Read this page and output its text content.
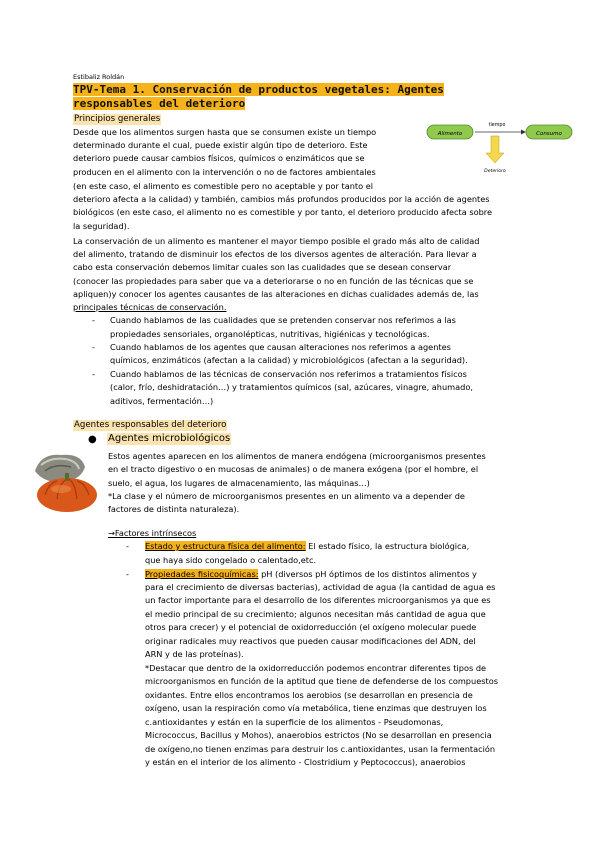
Estibaliz Roldán
TPV-Tema 1. Conservación de productos vegetales: Agentes responsables del deterioro
Alimento
tiempo
Consumo
Deterioro
Principios generales
Desde que los alimentos surgen hasta que se consumen existe un tiempo
determinado durante el cual, puede existir algún tipo de deterioro. Este
deterioro puede causar cambios físicos, químicos o enzimáticos que se
producen en el alimento con la intervención o no de factores ambientales
(en este caso, el alimento es comestible pero no aceptable y por tanto el
deterioro afecta a la calidad) y también, cambios más profundos producidos por la acción de agentes
biológicos (en este caso, el alimento no es comestible y por tanto, el deterioro producido afecta sobre
la seguridad).
La conservación de un alimento es mantener el mayor tiempo posible el grado más alto de calidad
del alimento, tratando de disminuir los efectos de los diversos agentes de alteración. Para llevar a
cabo esta conservación debemos limitar cuales son las cualidades que se desean conservar
(conocer las propiedades para saber que va a deteriorarse o no en función de las técnicas que se
apliquen)y conocer los agentes causantes de las alteraciones en dichas cualidades además de, las
principales técnicas de conservación.
- Cuando hablamos de las cualidades que se pretenden conservar nos referimos a las
propiedades sensoriales, organolépticas, nutritivas, higiénicas y tecnológicas.
- Cuando hablamos de los agentes que causan alteraciones nos referimos a agentes
químicos, enzimáticos (afectan a la calidad) y microbiológicos (afectan a la seguridad).
- Cuando hablamos de las técnicas de conservación nos referimos a tratamientos físicos
(calor, frío, deshidratación…) y tratamientos químicos (sal, azúcares, vinagre, ahumado,
aditivos, fermentación…)
Agentes responsables del deterioro
● Agentes microbiológicos
Estos agentes aparecen en los alimentos de manera endógena (microorganismos presentes
en el tracto digestivo o en mucosas de animales) o de manera exógena (por el hombre, el
suelo, el agua, los lugares de almacenamiento, las máquinas…)
*La clase y el número de microorganismos presentes en un alimento va a depender de
factores de distinta naturaleza).
→Factores intrínsecos
- Estado y estructura física del alimento: El estado físico, la estructura biológica,
que haya sido congelado o calentado,etc.
- Propiedades fisicoquímicas: pH (diversos pH óptimos de los distintos alimentos y
para el crecimiento de diversas bacterias), actividad de agua (la cantidad de agua es
un factor importante para el desarrollo de los diferentes microorganismos ya que es
el medio principal de su crecimiento; algunos necesitan más cantidad de agua que
otros para crecer) y el potencial de oxidorreducción (el oxígeno molecular puede
originar radicales muy reactivos que pueden causar modificaciones del ADN, del
ARN y de las proteínas).
*Destacar que dentro de la oxidorreducción podemos encontrar diferentes tipos de
microorganismos en función de la aptitud que tiene de defenderse de los compuestos
oxidantes. Entre ellos encontramos los aerobios (se desarrollan en presencia de
oxígeno, usan la respiración como vía metabólica, tiene enzimas que destruyen los
c.antioxidantes y están en la superficie de los alimentos - Pseudomonas,
Micrococcus, Bacillus y Mohos), anaerobios estrictos (No se desarrollan en presencia
de oxígeno,no tienen enzimas para destruir los c.antioxidantes, usan la fermentación
y están en el interior de los alimento - Clostridium y Peptococcus), anaerobios
